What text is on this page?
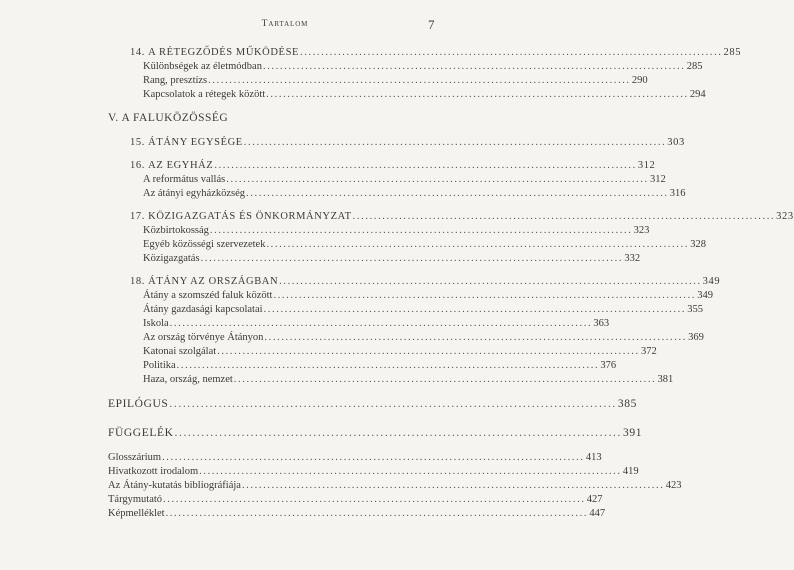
Tartalom	7
14.
A RÉTEGZŐDÉS MŰKÖDÉSE .................................................................................................... 285
Különbségek az életmódban .................................................................................................... 285
Rang, presztízs .................................................................................................... 290
Kapcsolatok a rétegek között .................................................................................................... 294
V. A FALUKÖZÖSSÉG
15.
ÁTÁNY EGYSÉGE .................................................................................................... 303
16.
AZ EGYHÁZ .................................................................................................... 312
A református vallás .................................................................................................... 312
Az átányi egyházközség .................................................................................................... 316
17.
KÖZIGAZGATÁS ÉS ÖNKORMÁNYZAT .................................................................................................... 323
Közbirtokosság .................................................................................................... 323
Egyéb közösségi szervezetek .................................................................................................... 328
Közigazgatás .................................................................................................... 332
18.
ÁTÁNY AZ ORSZÁGBAN .................................................................................................... 349
Átány a szomszéd faluk között .................................................................................................... 349
Átány gazdasági kapcsolatai .................................................................................................... 355
Iskola .................................................................................................... 363
Az ország törvénye Átányon .................................................................................................... 369
Katonai szolgálat .................................................................................................... 372
Politika .................................................................................................... 376
Haza, ország, nemzet .................................................................................................... 381
EPILÓGUS .................................................................................................... 385
FÜGGELÉK .................................................................................................... 391
Glosszárium .................................................................................................... 413
Hivatkozott irodalom .................................................................................................... 419
Az Átány-kutatás bibliográfiája .................................................................................................... 423
Tárgymutató .................................................................................................... 427
Képmelléklet .................................................................................................... 447
